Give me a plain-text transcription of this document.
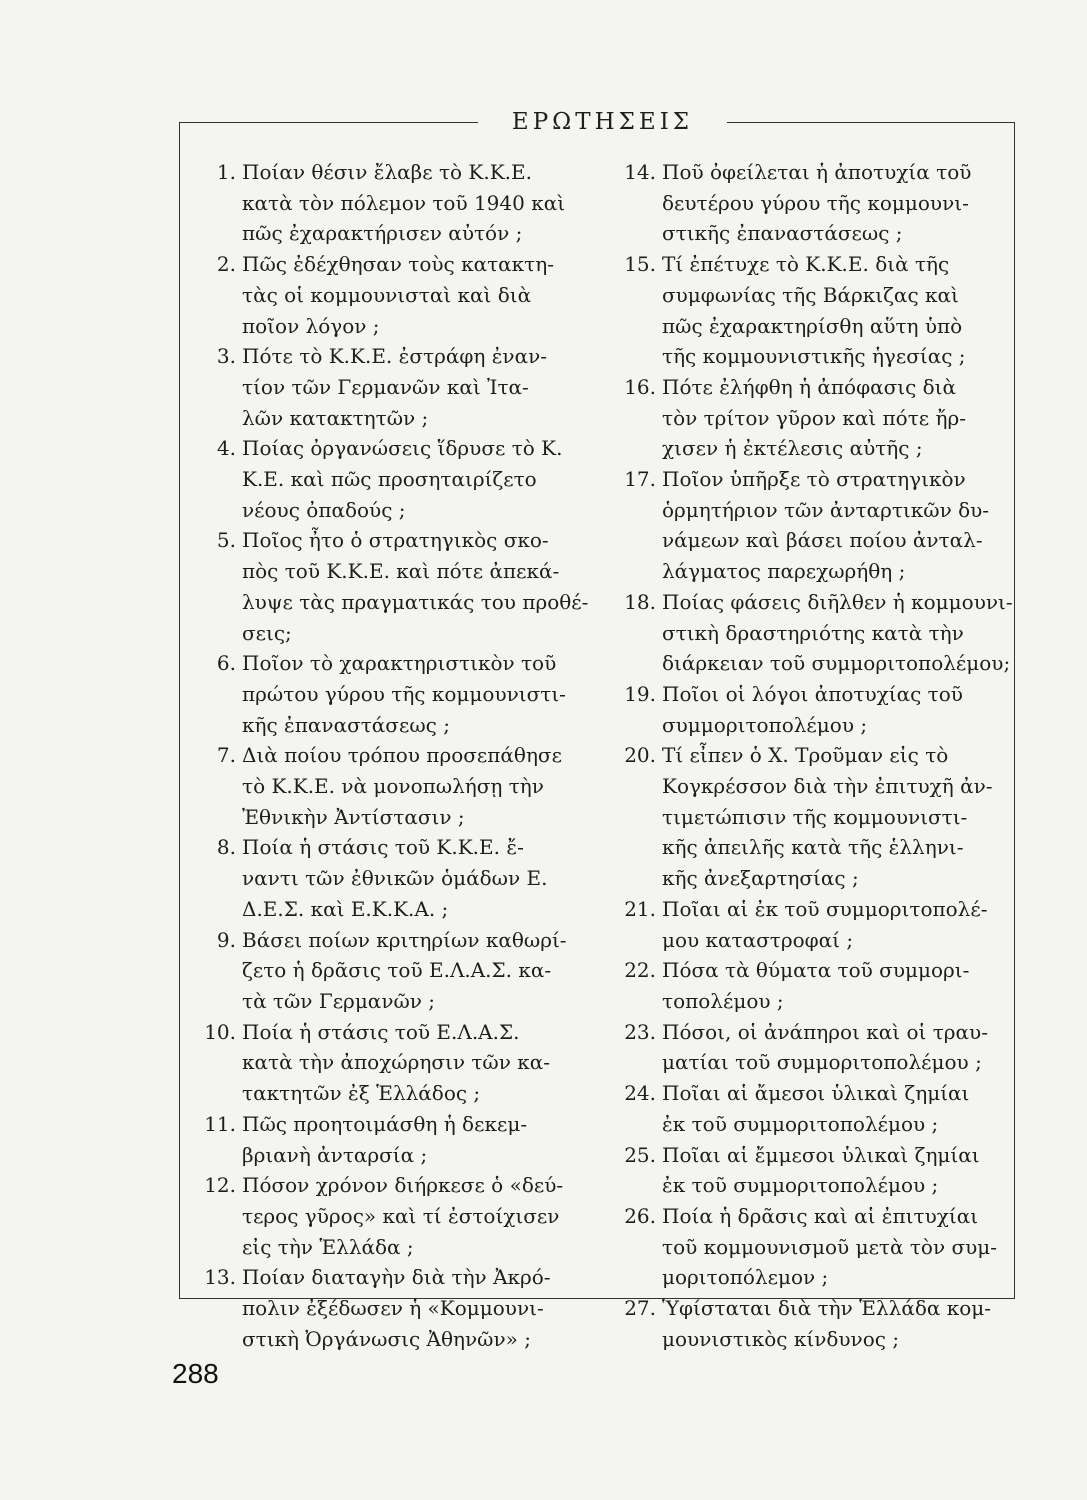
ΕΡΩΤΗΣΕΙΣ
1. Ποίαν θέσιν ἔλαβε τὸ Κ.Κ.Ε.
κατὰ τὸν πόλεμον τοῦ 1940 καὶ
πῶς ἐχαρακτήρισεν αὐτόν ;
2. Πῶς ἐδέχθησαν τοὺς κατακτη-
τὰς οἱ κομμουνισταὶ καὶ διὰ
ποῖον λόγον ;
3. Πότε τὸ Κ.Κ.Ε. ἐστράφη ἐναν-
τίον τῶν Γερμανῶν καὶ Ἰτα-
λῶν κατακτητῶν ;
4. Ποίας ὀργανώσεις ἵδρυσε τὸ Κ.
Κ.Ε. καὶ πῶς προσηταιρίζετο
νέους ὀπαδούς ;
5. Ποῖος ἦτο ὁ στρατηγικὸς σκο-
πὸς τοῦ Κ.Κ.Ε. καὶ πότε ἀπεκά-
λυψε τὰς πραγματικάς του προθέ-
σεις;
6. Ποῖον τὸ χαρακτηριστικὸν τοῦ
πρώτου γύρου τῆς κομμουνιστι-
κῆς ἐπαναστάσεως ;
7. Διὰ ποίου τρόπου προσεπάθησε
τὸ Κ.Κ.Ε. νὰ μονοπωλήσῃ τὴν
Ἐθνικὴν Ἀντίστασιν ;
8. Ποία ἡ στάσις τοῦ Κ.Κ.Ε. ἔ-
ναντι τῶν ἐθνικῶν ὁμάδων Ε.
Δ.Ε.Σ. καὶ Ε.Κ.Κ.Α. ;
9. Βάσει ποίων κριτηρίων καθωρί-
ζετο ἡ δρᾶσις τοῦ Ε.Λ.Α.Σ. κα-
τὰ τῶν Γερμανῶν ;
10. Ποία ἡ στάσις τοῦ Ε.Λ.Α.Σ.
κατὰ τὴν ἀποχώρησιν τῶν κα-
τακτητῶν ἐξ Ἑλλάδος ;
11. Πῶς προητοιμάσθη ἡ δεκεμ-
βριανὴ ἀνταρσία ;
12. Πόσον χρόνον διήρκεσε ὁ «δεύ-
τερος γῦρος» καὶ τί ἐστοίχισεν
εἰς τὴν Ἑλλάδα ;
13. Ποίαν διαταγὴν διὰ τὴν Ἀκρό-
πολιν ἐξέδωσεν ἡ «Κομμουνι-
στικὴ Ὀργάνωσις Ἀθηνῶν» ;
14. Ποῦ ὀφείλεται ἡ ἀποτυχία τοῦ
δευτέρου γύρου τῆς κομμουνι-
στικῆς ἐπαναστάσεως ;
15. Τί ἐπέτυχε τὸ Κ.Κ.Ε. διὰ τῆς
συμφωνίας τῆς Βάρκιζας καὶ
πῶς ἐχαρακτηρίσθη αὕτη ὑπὸ
τῆς κομμουνιστικῆς ἡγεσίας ;
16. Πότε ἐλήφθη ἡ ἀπόφασις διὰ
τὸν τρίτον γῦρον καὶ πότε ἤρ-
χισεν ἡ ἐκτέλεσις αὐτῆς ;
17. Ποῖον ὑπῆρξε τὸ στρατηγικὸν
ὁρμητήριον τῶν ἀνταρτικῶν δυ-
νάμεων καὶ βάσει ποίου ἀνταλ-
λάγματος παρεχωρήθη ;
18. Ποίας φάσεις διῆλθεν ἡ κομμουνι-
στικὴ δραστηριότης κατὰ τὴν
διάρκειαν τοῦ συμμοριτοπολέμου;
19. Ποῖοι οἱ λόγοι ἀποτυχίας τοῦ
συμμοριτοπολέμου ;
20. Τί εἶπεν ὁ Χ. Τροῦμαν εἰς τὸ
Κογκρέσσον διὰ τὴν ἐπιτυχῆ ἀν-
τιμετώπισιν τῆς κομμουνιστι-
κῆς ἀπειλῆς κατὰ τῆς ἑλληνι-
κῆς ἀνεξαρτησίας ;
21. Ποῖαι αἱ ἐκ τοῦ συμμοριτοπολέ-
μου καταστροφαί ;
22. Πόσα τὰ θύματα τοῦ συμμορι-
τοπολέμου ;
23. Πόσοι, οἱ ἀνάπηροι καὶ οἱ τραυ-
ματίαι τοῦ συμμοριτοπολέμου ;
24. Ποῖαι αἱ ἄμεσοι ὑλικαὶ ζημίαι
ἐκ τοῦ συμμοριτοπολέμου ;
25. Ποῖαι αἱ ἔμμεσοι ὑλικαὶ ζημίαι
ἐκ τοῦ συμμοριτοπολέμου ;
26. Ποία ἡ δρᾶσις καὶ αἱ ἐπιτυχίαι
τοῦ κομμουνισμοῦ μετὰ τὸν συμ-
μοριτοπόλεμον ;
27. Ὑφίσταται διὰ τὴν Ἑλλάδα κομ-
μουνιστικὸς κίνδυνος ;
288
